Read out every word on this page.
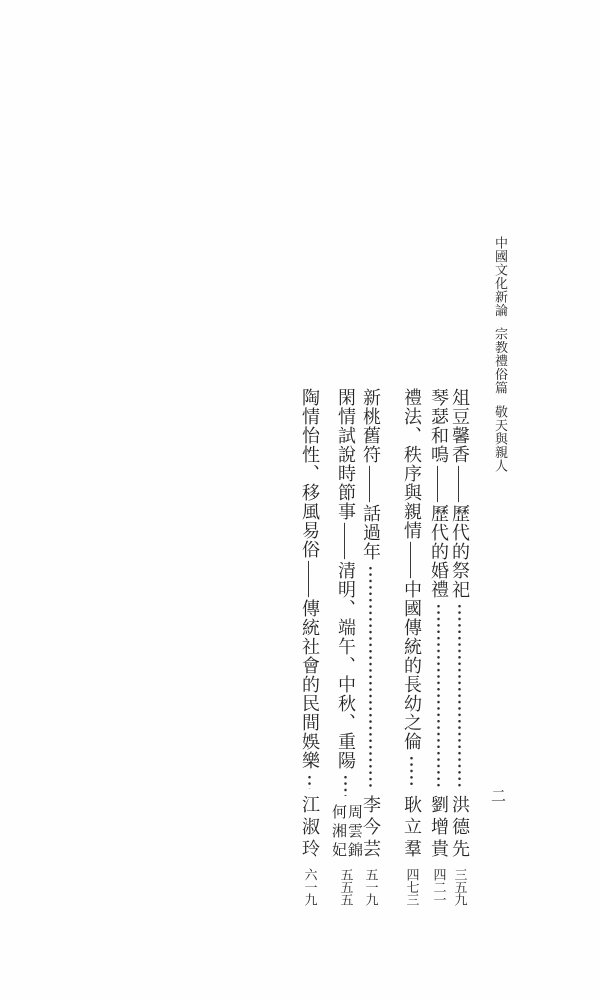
中國文化新論
宗教禮俗篇
敬天與親人
俎豆馨香
——
歷代的祭祀
洪德先
三五九
琴瑟和鳴
——
歷代的婚禮
劉增貴
四二一
禮法、秩序與親情
——
中國傳統的長幼之倫
耿立羣
四七三
新桃舊符
——
話過年
李今芸
五一九
閑情試說時節事
——
清明、端午、中秋、重陽
周雲錦
何湘妃
五五五
陶情怡性、移風易俗
——
傳統社會的民間娛樂
江淑玲
六一九
二
